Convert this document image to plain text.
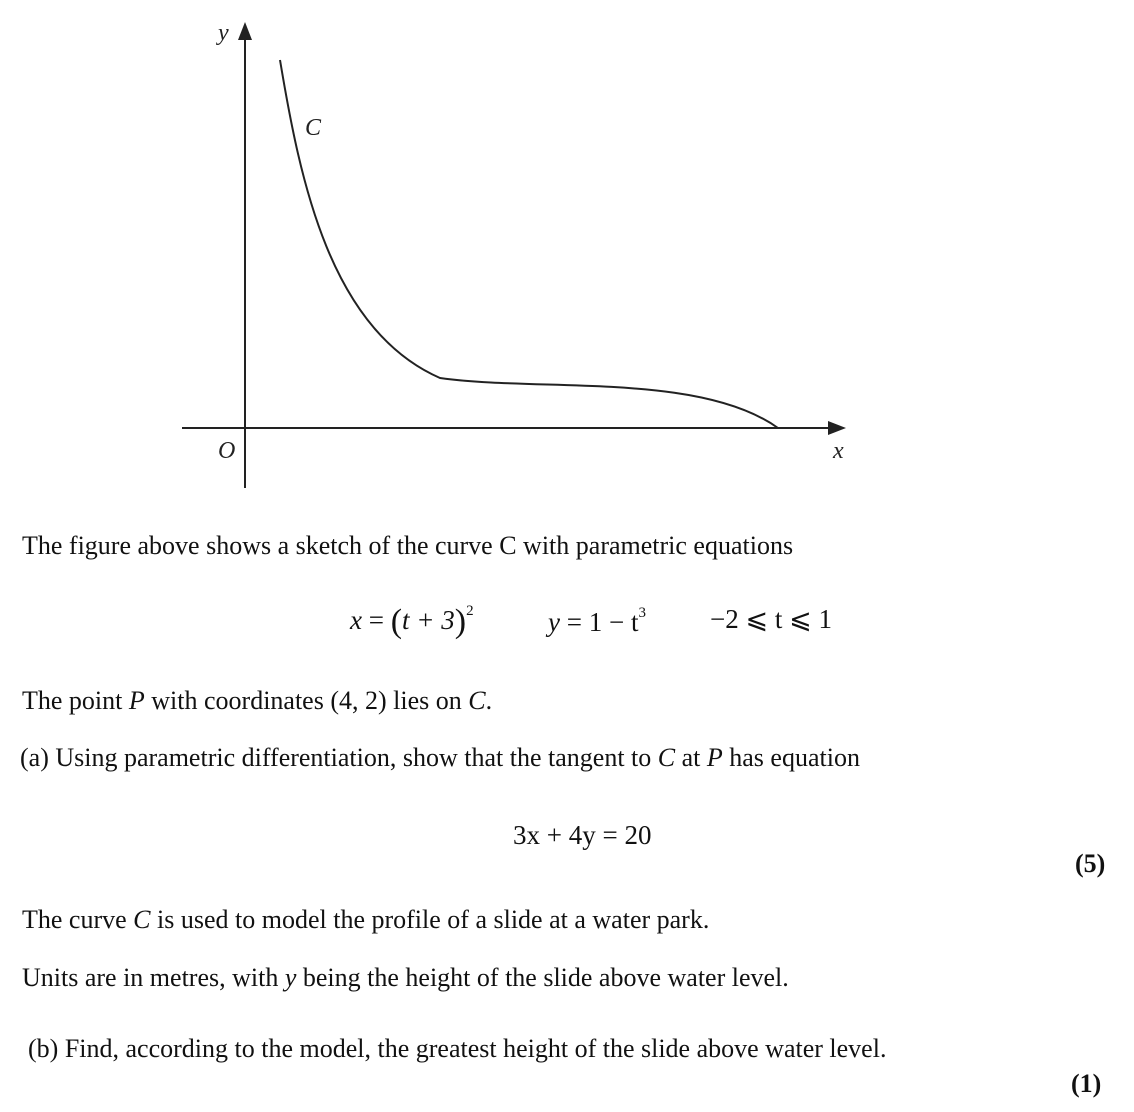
y
x
O
C
The figure above shows a sketch of the curve C with parametric equations
$x = (t + 3)^2$	$y = 1 - t^3 -2$ ⩽ t ⩽ 1
The point P with coordinates (4, 2) lies on C.
(a) Using parametric differentiation, show that the tangent to C at P has equation
3x + 4y = 20
(5)
The curve C is used to model the profile of a slide at a water park.
Units are in metres, with y being the height of the slide above water level.
(b) Find, according to the model, the greatest height of the slide above water level.
(1)
